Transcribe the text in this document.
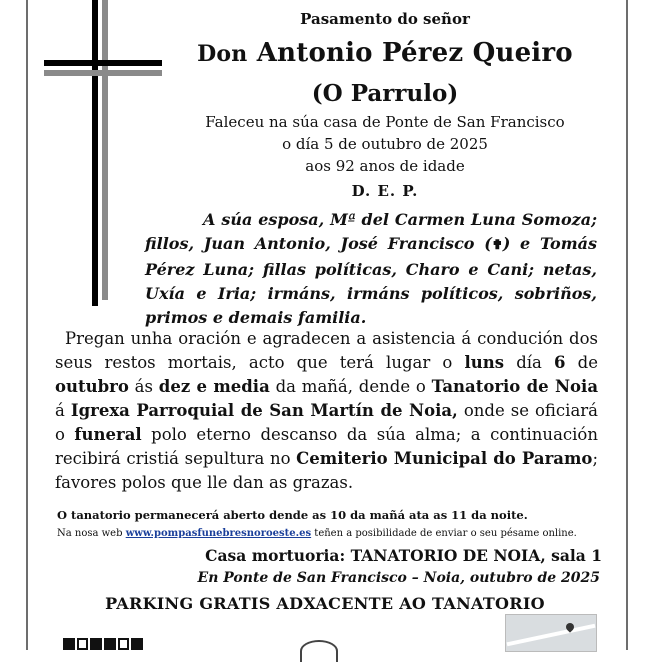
Pasamento do señor
Don Antonio Pérez Queiro
(O Parrulo)
Faleceu na súa casa de Ponte de San Francisco
o día 5 de outubro de 2025
aos 92 anos de idade
D. E. P.

A súa esposa, Mª del Carmen Luna Somoza; fillos, Juan Antonio, José Francisco (✟) e Tomás Pérez Luna; fillas políticas, Charo e Cani; netas, Uxía e Iria; irmáns, irmáns políticos, sobriños, primos e demais familia.

Pregan unha oración e agradecen a asistencia á condución dos seus restos mortais, acto que terá lugar o luns día 6 de outubro ás dez e media da mañá, dende o Tanatorio de Noia á Igrexa Parroquial de San Martín de Noia, onde se oficiará o funeral polo eterno descanso da súa alma; a continuación recibirá cristiá sepultura no Cemiterio Municipal do Paramo; favores polos que lle dan as grazas.

O tanatorio permanecerá aberto dende as 10 da mañá ata as 11 da noite.
Na nosa web www.pompasfunebresnoroeste.es teñen a posibilidade de enviar o seu pésame online.
Casa mortuoria: TANATORIO DE NOIA, sala 1
En Ponte de San Francisco – Noia, outubro de 2025
PARKING GRATIS ADXACENTE AO TANATORIO
